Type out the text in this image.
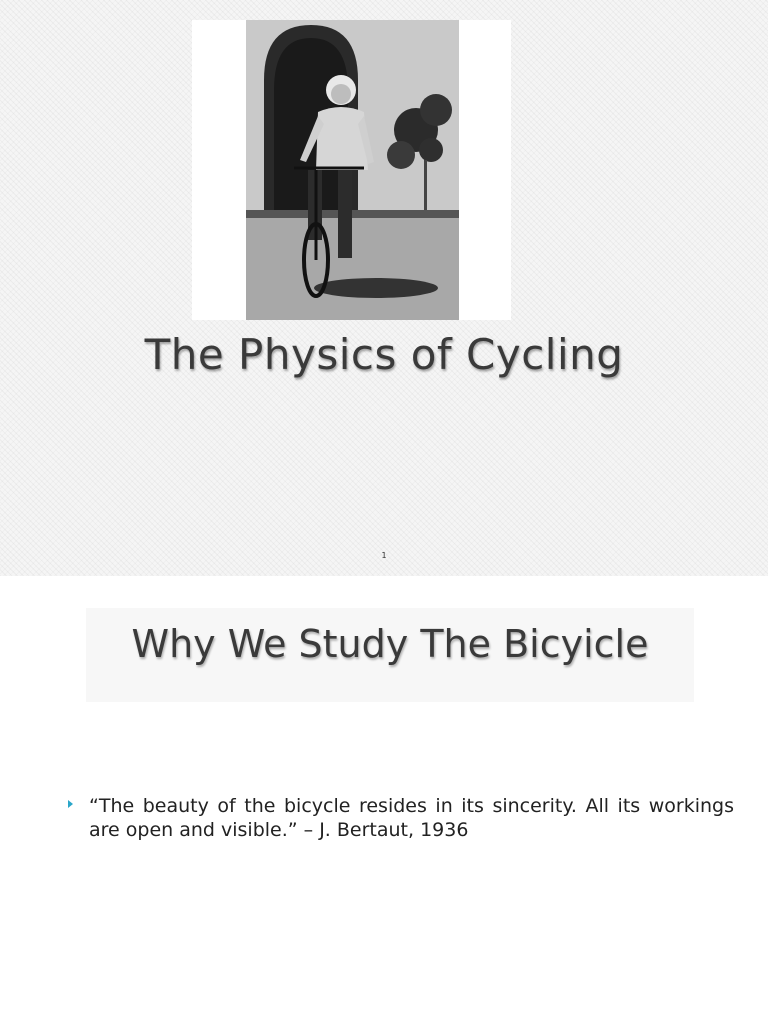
The Physics of Cycling
1
Why We Study The Bicyicle
“The beauty of the bicycle resides in its sincerity. All its workings are open and visible.” – J. Bertaut, 1936
